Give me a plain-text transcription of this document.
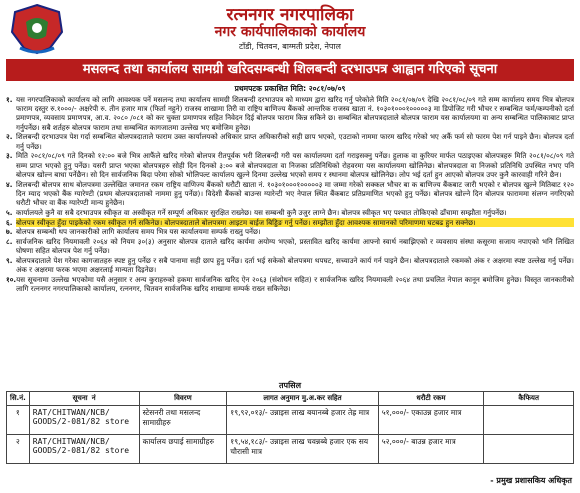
रत्ननगर नगरपालिका
नगर कार्यपालिकाको कार्यालय
टाँडी, चितवन, बाग्मती प्रदेश, नेपाल
मसलन्द तथा कार्यालय सामग्री खरिदसम्बन्धी शिलबन्दी दरभाउपत्र आह्वान गरिएको सूचना
प्रथमपटक प्रकाशित मिति: २०८१/०७/०९
१. यस नगरपालिकाको कार्यालय को लागि आवश्यक पर्ने मसलन्द तथा कार्यालय सामग्री शिलबन्दी दरभाउपत्र को माध्यम द्वारा खरिद गर्नु परेकोले मिति २०८१/०७/०९ देखि २०८१/०८/०९ गते सम्म कार्यालय समय भित्र बोलपत्र फाराम दस्तुर रु.१०००/- अक्षरेपी रु. तीन हजार मात्र (फिर्ता नहुने) राजस्व शाखामा तिरी वा राष्ट्रिय बाणिज्य बैंकको आन्तरिक राजस्व खाता नं. १०३०१०००१०००००३ मा डिपोजिट गरी भौचर र सम्बन्धित फर्म/कम्पनीको दर्ता प्रमाणपत्र, व्यवसाय प्रमाणपत्र, आ.व. २०८० /०८१ को कर चुक्ता प्रमाणपत्र सहित निवेदन दिई बोलपत्र फाराम किन्न सकिने छ। सम्बन्धित बोलपत्रदाताले बोलपत्र फाराम यस कार्यालयमा वा अन्य सम्बन्धित पालिकाबाट प्राप्त गर्नुपर्नेछ। सबै शर्तहरु बोलपत्र फाराम तथा सम्बन्धित कागजातमा उल्लेख भए बमोजिम हुनेछ।
२. शिलबन्दी दरभाउपत्र पेश गर्दा सम्बन्धित बोलपत्रदाताले फाराम उक्त कार्यालयको अधिकार प्राप्त अधिकारीको सही छाप भएको, एउटाको नाममा फारम खरिद गरेको भए अर्कै फर्म सो फारम पेश गर्न पाइने छैन। बोलपत्र दर्ता गर्नु पर्नेछ।
३. मिति २०८१/०८/०९ गते दिनको १२:०० बजे भित्र आफैंले खरिद गरेको बोलपत्र रीतपूर्वक भरी शिलबन्दी गरी यस कार्यालयमा दर्ता गराइसक्नु पर्नेछ। हुलाक वा कुरियर मार्फत पठाइएका बोलपत्रहरु मिति २०८१/०८/०९ गते सम्म प्राप्त भएको हुनु पर्नेछ। यसरी प्राप्त भएका बोलपत्रहरु सोही दिन दिनको ३:०० बजे बोलपत्रदाता वा निजका प्रतिनिधिको रोहवरमा यस कार्यालयमा खोलिनेछ। बोलपत्रदाता वा निजको प्रतिनिधि उपस्थित नभए पनि बोलपत्र खोल्न बाधा पर्नेछैन। सो दिन सार्वजनिक बिदा परेमा सोको भोलिपल्ट कार्यालय खुल्ने दिनमा उल्लेख भएको समय र स्थानमा बोलपत्र खोलिनेछ। लोप भई दर्ता हुन आएको बोलपत्र उपर कुनै कारवाही गरिने छैन।
४. शिलबन्दी बोलपत्र साथ बोलपत्रमा उल्लेखित जमानत रकम राष्ट्रिय वाणिज्य बैंकको धरौटी खाता नं. १०३०१०००१०००००३ मा जम्मा गरेको सक्कल भौचर बा क बाणिज्य बैंकबाट जारी भएको र बोलपत्र खुल्ने मितिबाट १२० दिन म्याद भएको बैंक ग्यारेण्टी (प्रथम बोलपत्रदाताको नाममा हुनु पर्नेछ)। विदेशी बैंकको बाउन्स ग्यारेन्टी भए नेपाल स्थित बैंकबाट प्रतिप्रमाणित भएको हुनु पर्नेछ। बोलपत्र खोल्ने दिन बोलपत्र फाराममा संलग्न नगरिएको धरौटी भौचर वा बैंक ग्यारेण्टी मान्य हुनेछैन।
५. कार्यालयले कुनै वा सबै दरभाउपत्र स्वीकृत वा अस्वीकृत गर्ने सम्पूर्ण अधिकार सुरक्षित राख्नेछ। यस सम्बन्धी कुनै उजुर लाग्ने छैन। बोलपत्र स्वीकृत भए पश्चात तोकिएको ढाँचामा सम्झौता गर्नुपर्नेछ।
६. बोलपत्र स्वीकृत हुँदा पाइकेको रकम स्वीकृत गर्न सकिनेछ। बोलपत्रदाताले बोलपत्रमा आइटम बाईज बिड्डिङ गर्नु पर्नेछ। सम्झौता हुँदा आवश्यक सामानको परिमाणमा घटबढ हुन सक्नेछ।
७. बोलपत्र सम्बन्धी थप जानकारीको लागि कार्यालय समय भित्र यस कार्यालयमा सम्पर्क राख्नु पर्नेछ।
८. सार्वजनिक खरिद नियमावली २०६४ को नियम ३०(३) अनुसार बोलपत्र दाताले खरिद कार्यमा अयोग्य भएको, प्रस्तावित खरिद कार्यमा आफ्नो स्वार्थ नबाझिएको र व्यवसाय संस्था कसूरमा सजाय नपाएको भनि लिखित घोषणा सहित बोलपत्र पेश गर्नु पर्नेछ।
९. बोलपत्रदाताले पेश गरेका कागजातहरु स्पष्ट हुनु पर्नेछ र सबै पानामा सही छाप हुनु पर्नेछ। दर्ता भई सकेको बोलपत्रमा थपघट, सच्याउने कार्य गर्न पाइने छैन। बोलपत्रदाताले रकमको अंक र अक्षरमा स्पष्ट उल्लेख गर्नु पर्नेछ। अंक र अक्षरमा फरक भएमा अक्षरलाई मान्यता दिइनेछ।
१०. यस सूचनामा उल्लेख भएकोमा यसै अनुसार र अन्य कुराहरुको हकमा सार्वजनिक खरिद ऐन २०६३ (संशोधन सहित) र सार्वजनिक खरिद नियमावली २०६४ तथा प्रचलित नेपाल कानून बमोजिम हुनेछ। विस्तृत जानकारीको लागि रत्ननगर नगरपालिकाको कार्यालय, रत्ननगर, चितवन सार्वजनिक खरिद शाखामा सम्पर्क राख्न सकिनेछ।
तपसिल
सि.नं.	सूचना नं	विवरण	लागत अनुमान मु.अ.कर सहित	धरौटी रकम	कैफियत
१	RAT/CHITWAN/NCB/ GOODS/2-081/82 store	स्टेसनरी तथा मसलन्द सामाग्रीहरु	१९,९२,०१३/- उन्नाइस लाख बयानब्बे हजार तेह्र मात्र	५१,०००/- एकाउन्न हजार मात्र	
२	RAT/CHITWAN/NCB/ GOODS/2-081/82 store	कार्यालय छपाई सामाग्रीहरु	१९,५४,१८३/- उन्नाइस लाख चवन्नब्बे हजार एक सय चौरासी मात्र	५२,०००/- बाउन्न हजार मात्र	
- प्रमुख प्रशासकिय अधिकृत
